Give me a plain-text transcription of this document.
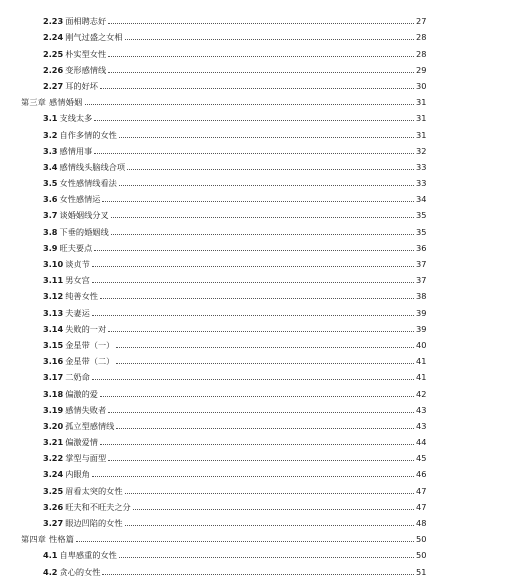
2.23 面相聘志好	27
2.24 刚气过盛之女相	28
2.25 朴实型女性	28
2.26 变形感情线	29
2.27 耳的好坏	30
第三章 感情婚姻	31
3.1 支线太多	31
3.2 自作多情的女性	31
3.3 感情用事	32
3.4 感情线头脑线合项	33
3.5 女性感情线看法	33
3.6 女性感情运	34
3.7 谈婚姻线分叉	35
3.8 下垂的婚姻线	35
3.9 旺夫要点	36
3.10 谈贞节	37
3.11 男女宫	37
3.12 纯善女性	38
3.13 夫妻运	39
3.14 失败的一对	39
3.15 金星带（一）	40
3.16 金星带（二）	41
3.17 二奶命	41
3.18 偏激的爱	42
3.19 感情失败者	43
3.20 孤立型感情线	43
3.21 偏激爱情	44
3.22 掌型与面型	45
3.24 内眼角	46
3.25 眉看太突的女性	47
3.26 旺夫和不旺夫之分	47
3.27 眼边凹陷的女性	48
第四章 性格篇	50
4.1 自卑感重的女性	50
4.2 贪心的女性	51
